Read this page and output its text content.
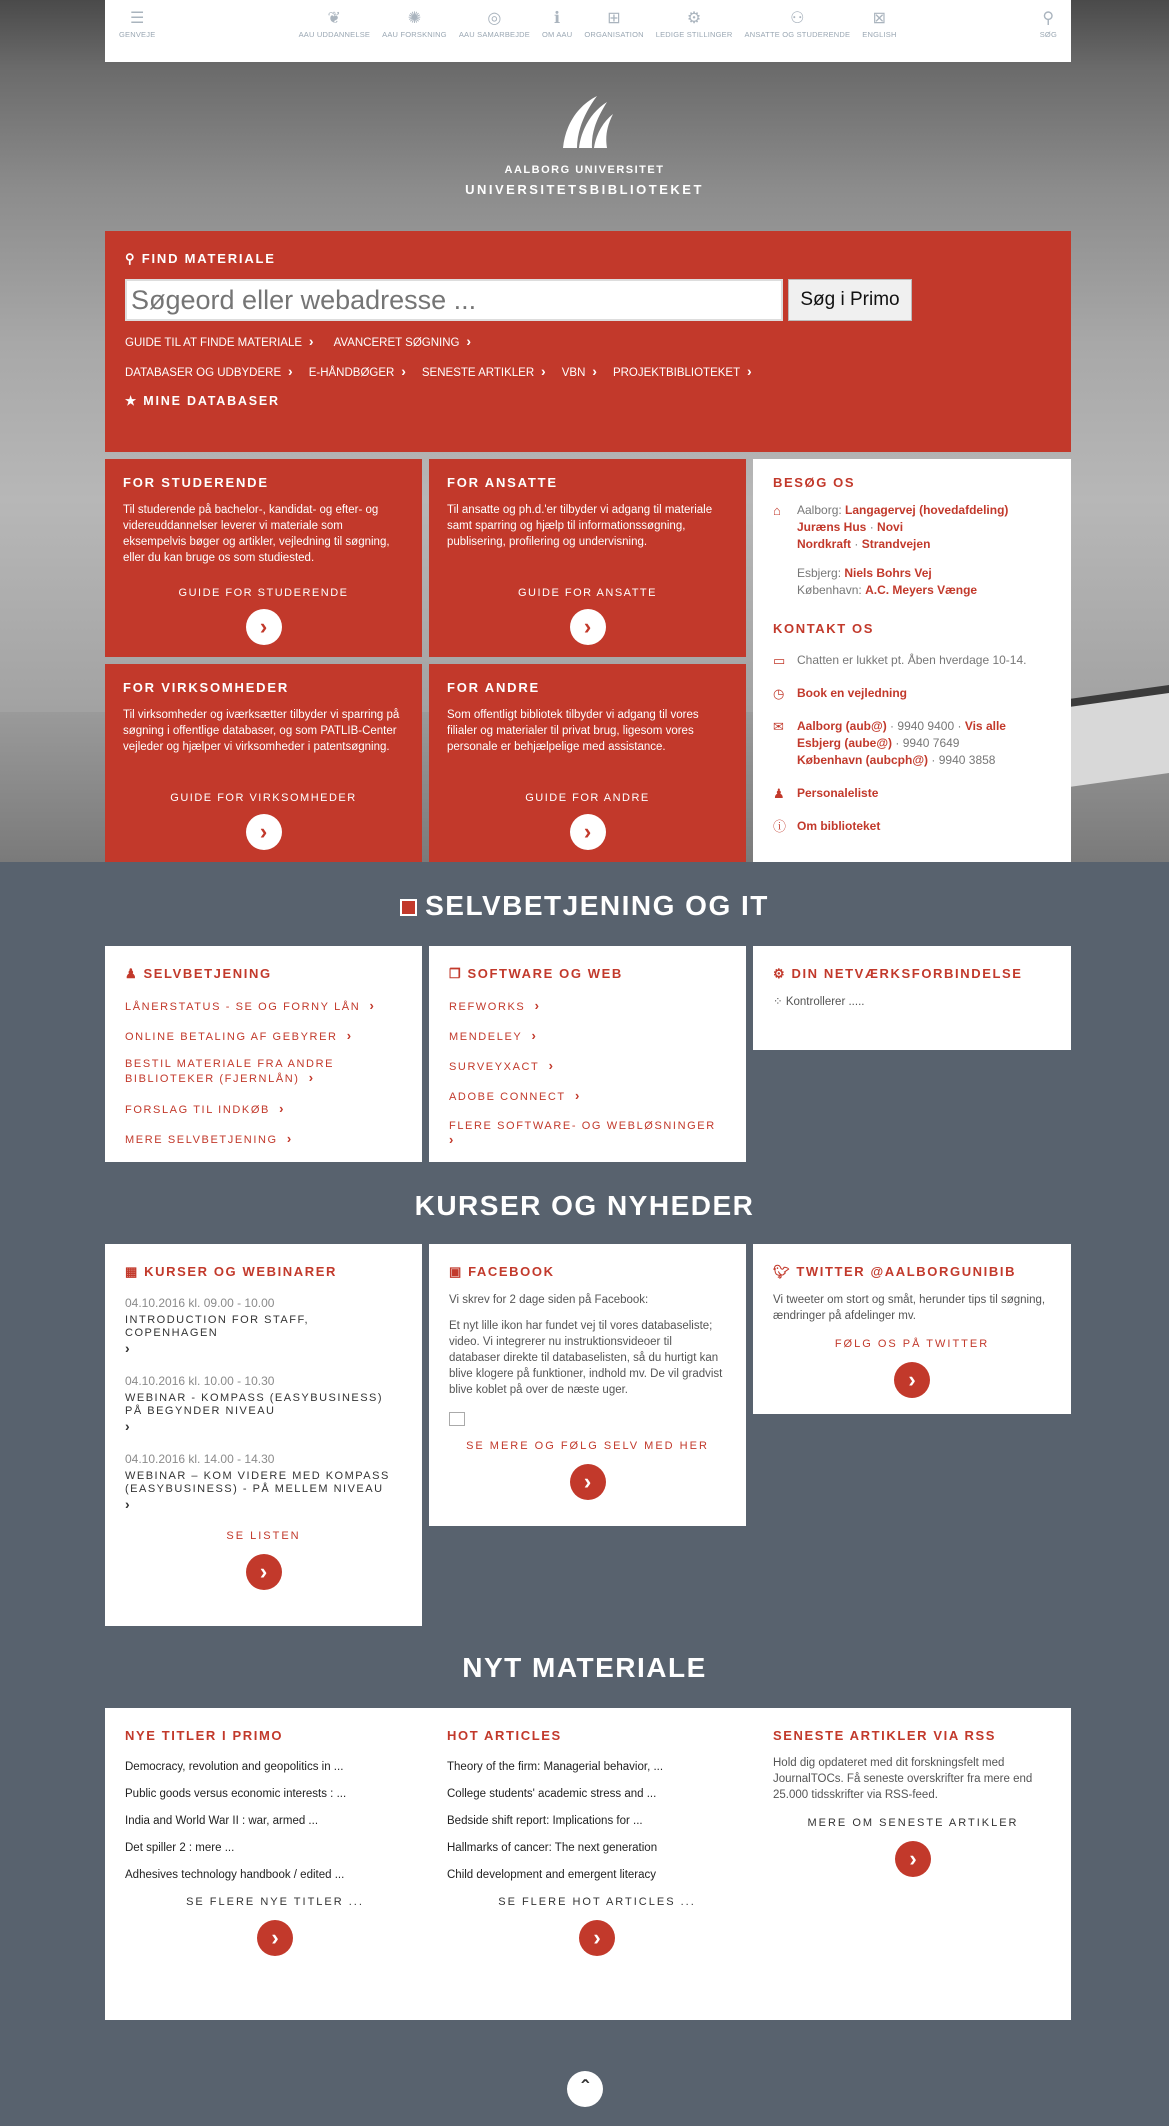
☰
GENVEJE
❦
AAU UDDANNELSE
✺
AAU FORSKNING
◎
AAU SAMARBEJDE
ℹ
OM AAU
⊞
ORGANISATION
⚙
LEDIGE STILLINGER
⚇
ANSATTE OG STUDERENDE
⊠
ENGLISH
⚲
SØG
AALBORG UNIVERSITET
UNIVERSITETSBIBLIOTEKET
⚲ FIND MATERIALE
Søgeord eller webadresse ...
Søg i Primo
GUIDE TIL AT FINDE MATERIALE ›	AVANCERET SØGNING ›
DATABASER OG UDBYDERE ›	E-HÅNDBØGER ›	SENESTE ARTIKLER ›	VBN ›	PROJEKTBIBLIOTEKET ›
★ MINE DATABASER
FOR STUDERENDE

Til studerende på bachelor-, kandidat- og efter- og videreuddannelser leverer vi materiale som eksempelvis bøger og artikler, vejledning til søgning, eller du kan bruge os som studiested.

GUIDE FOR STUDERENDE
›
FOR ANSATTE

Til ansatte og ph.d.'er tilbyder vi adgang til materiale samt sparring og hjælp til informationssøgning, publisering, profilering og undervisning.

GUIDE FOR ANSATTE
›
FOR VIRKSOMHEDER

Til virksomheder og iværksætter tilbyder vi sparring på søgning i offentlige databaser, og som PATLIB-Center vejleder og hjælper vi virksomheder i patentsøgning.

GUIDE FOR VIRKSOMHEDER
›
FOR ANDRE

Som offentligt bibliotek tilbyder vi adgang til vores filialer og materialer til privat brug, ligesom vores personale er behjælpelige med assistance.

GUIDE FOR ANDRE
›
BESØG OS
⌂	Aalborg: Langagervej (hovedafdeling)
Juræns Hus · Novi
Nordkraft · Strandvejen
Esbjerg: Niels Bohrs Vej
København: A.C. Meyers Vænge
KONTAKT OS
▭ Chatten er lukket pt. Åben hverdage 10-14.
◷ Book en vejledning
✉ Aalborg (aub@) · 9940 9400 · Vis alle
Esbjerg (aube@) · 9940 7649
København (aubcph@) · 9940 3858
♟ Personaleliste
ⓘ Om biblioteket
SELVBETJENING OG IT
♟ SELVBETJENING
LÅNERSTATUS - SE OG FORNY LÅN ›
ONLINE BETALING AF GEBYRER ›
BESTIL MATERIALE FRA ANDRE BIBLIOTEKER (FJERNLÅN) ›
FORSLAG TIL INDKØB ›
MERE SELVBETJENING ›
❐ SOFTWARE OG WEB
REFWORKS ›
MENDELEY ›
SURVEYXACT ›
ADOBE CONNECT ›
FLERE SOFTWARE- OG WEBLØSNINGER ›
⚙ DIN NETVÆRKSFORBINDELSE

⁘ Kontrollerer .....

KURSER OG NYHEDER
▦ KURSER OG WEBINARER
04.10.2016 kl. 09.00 - 10.00
INTRODUCTION FOR STAFF, COPENHAGEN
›
04.10.2016 kl. 10.00 - 10.30
WEBINAR - KOMPASS (EASYBUSINESS) PÅ BEGYNDER NIVEAU
›
04.10.2016 kl. 14.00 - 14.30
WEBINAR – KOM VIDERE MED KOMPASS (EASYBUSINESS) - PÅ MELLEM NIVEAU
›
SE LISTEN
›
▣ FACEBOOK

Vi skrev for 2 dage siden på Facebook:

Et nyt lille ikon har fundet vej til vores databaseliste; video. Vi integrerer nu instruktionsvideoer til databaser direkte til databaselisten, så du hurtigt kan blive klogere på funktioner, indhold mv. De vil gradvist blive koblet på over de næste uger.

SE MERE OG FØLG SELV MED HER
›
🐦︎ TWITTER @AALBORGUNIBIB

Vi tweeter om stort og småt, herunder tips til søgning, ændringer på afdelinger mv.

FØLG OS PÅ TWITTER
›
NYT MATERIALE
NYE TITLER I PRIMO
Democracy, revolution and geopolitics in ...
Public goods versus economic interests : ...
India and World War II : war, armed ...
Det spiller 2 : mere ...
Adhesives technology handbook / edited ...
SE FLERE NYE TITLER ...
›
HOT ARTICLES
Theory of the firm: Managerial behavior, ...
College students' academic stress and ...
Bedside shift report: Implications for ...
Hallmarks of cancer: The next generation
Child development and emergent literacy
SE FLERE HOT ARTICLES ...
›
SENESTE ARTIKLER VIA RSS

Hold dig opdateret med dit forskningsfelt med JournalTOCs. Få seneste overskrifter fra mere end 25.000 tidsskrifter via RSS-feed.

MERE OM SENESTE ARTIKLER
›
ˆ
